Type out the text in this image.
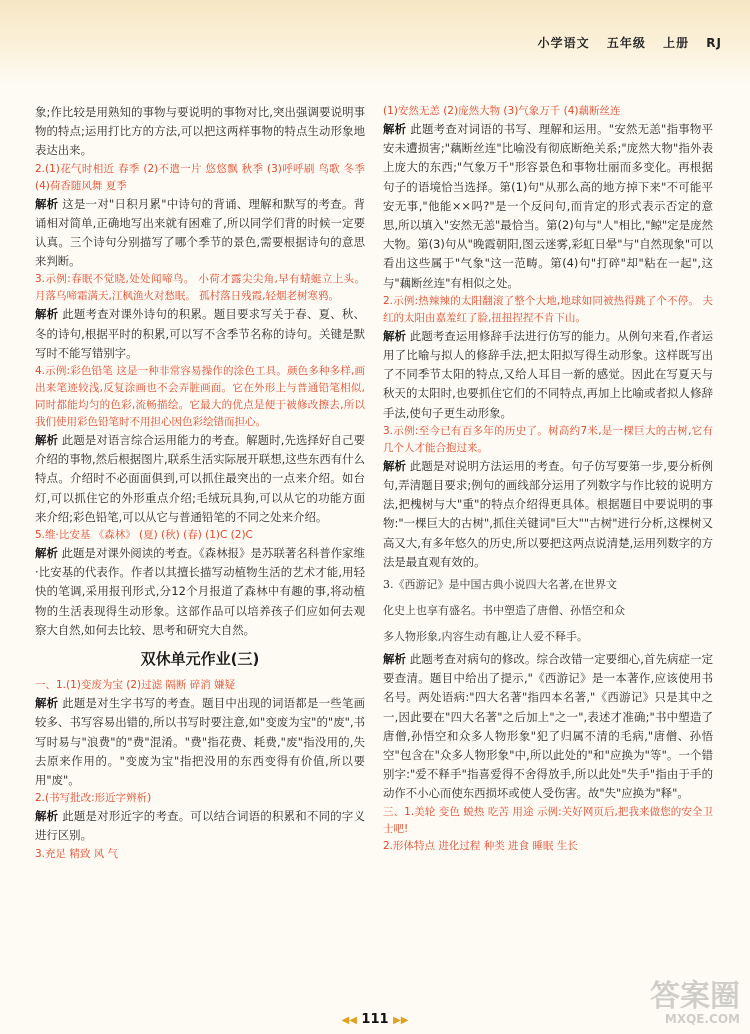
小学语文 五年级 上册 RJ

象;作比较是用熟知的事物与要说明的事物对比,突出强调要说明事物的特点;运用打比方的方法,可以把这两样事物的特点生动形象地表达出来。

2.(1)花气时相近 春季 (2)不遣一片 悠悠飘 秋季 (3)呼呼刷 鸟歌 冬季 (4)荷香随风舞 夏季

解析 这是一对"日积月累"中诗句的背诵、理解和默写的考查。背诵相对简单,正确地写出来就有困难了,所以同学们背的时候一定要认真。三个诗句分别描写了哪个季节的景色,需要根据诗句的意思来判断。

3.示例:春眠不觉晓,处处闻啼鸟。 小荷才露尖尖角,早有蜻蜓立上头。 月落乌啼霜满天,江枫渔火对愁眠。 孤村落日残霞,轻烟老树寒鸦。

解析 此题考查对课外诗句的积累。题目要求写关于春、夏、秋、冬的诗句,根据平时的积累,可以写不含季节名称的诗句。关键是默写时不能写错别字。

4.示例:彩色铅笔 这是一种非常容易操作的涂色工具。颜色多种多样,画出来笔迹较浅,反复涂画也不会弄脏画面。它在外形上与普通铅笔相似,同时都能均匀的色彩,流畅描绘。它最大的优点是便于被修改擦去,所以我们使用彩色铅笔时不用担心因色彩绘错而担心。

解析 此题是对语言综合运用能力的考查。解题时,先选择好自己要介绍的事物,然后根据图片,联系生活实际展开联想,这些东西有什么特点。介绍时不必面面俱到,可以抓住最突出的一点来介绍。如台灯,可以抓住它的外形重点介绍;毛绒玩具狗,可以从它的功能方面来介绍;彩色铅笔,可以从它与普通铅笔的不同之处来介绍。

5.维·比安基 《森林》 (夏) (秋) (春) (1)C (2)C

解析 此题是对课外阅读的考查。《森林报》是苏联著名科普作家维·比安基的代表作。作者以其擅长描写动植物生活的艺术才能,用轻快的笔调,采用报刊形式,分12个月报道了森林中有趣的事,将动植物的生活表现得生动形象。这部作品可以培养孩子们应如何去观察大自然,如何去比较、思考和研究大自然。

双休单元作业(三)

一、1.(1)变废为宝 (2)过滤 隔断 碎消 嫌疑

解析 此题是对生字书写的考查。题目中出现的词语都是一些笔画较多、书写容易出错的,所以书写时要注意,如"变废为宝"的"废",书写时易与"浪费"的"费"混淆。"费"指花费、耗费,"废"指没用的,失去原来作用的。"变废为宝"指把没用的东西变得有价值,所以要用"废"。

2.(书写批改:形近字辨析)

解析 此题是对形近字的考查。可以结合词语的积累和不同的字义进行区别。

3.充足 精致 风 气

(1)安然无恙 (2)庞然大物 (3)气象万千 (4)藕断丝连

解析 此题考查对词语的书写、理解和运用。"安然无恙"指事物平安未遭损害;"藕断丝连"比喻没有彻底断绝关系;"庞然大物"指外表上庞大的东西;"气象万千"形容景色和事物壮丽而多变化。再根据句子的语境恰当选择。第(1)句"从那么高的地方掉下来"不可能平安无事,"他能××吗?"是一个反问句,而肯定的形式表示否定的意思,所以填入"安然无恙"最恰当。第(2)句与"人"相比,"鲸"定是庞然大物。第(3)句从"晚霞朝阳,图云迷雾,彩虹日晕"与"自然现象"可以看出这些属于"气象"这一范畴。第(4)句"打碎"却"粘在一起",这与"藕断丝连"有相似之处。

2.示例:热辣辣的太阳翻滚了整个大地,地球如同被热得跳了个不停。 夫红的太阳由嘉羞红了脸,扭扭捏捏不肯下山。

解析 此题考查运用修辞手法进行仿写的能力。从例句来看,作者运用了比喻与拟人的修辞手法,把太阳拟写得生动形象。这样既写出了不同季节太阳的特点,又给人耳目一新的感觉。因此在写夏天与秋天的太阳时,也要抓住它们的不同特点,再加上比喻或者拟人修辞手法,使句子更生动形象。

3.示例:至今已有百多年的历史了。树高约7米,是一棵巨大的古树,它有几个人才能合抱过来。

解析 此题是对说明方法运用的考查。句子仿写要第一步,要分析例句,弄清题目要求;例句的画线部分运用了列数字与作比较的说明方法,把槐树与大"重"的特点介绍得更具体。根据题目中要说明的事物:"一棵巨大的古树",抓住关键词"巨大""古树"进行分析,这棵树又高又大,有多年悠久的历史,所以要把这两点说清楚,运用列数字的方法是最直观有效的。

3.《西游记》是中国古典小说四大名著,在世界文

化史上也享有盛名。书中塑造了唐僧、孙悟空和众

多人物形象,内容生动有趣,让人爱不释手。

解析 此题考查对病句的修改。综合改错一定要细心,首先病症一定要查清。题目中给出了提示,"《西游记》是一本著作,应该使用书名号。两处语病:"四大名著"指四本名著,"《西游记》只是其中之一,因此要在"四大名著"之后加上"之一",表述才准确;"书中塑造了唐僧,孙悟空和众多人物形象"犯了归属不清的毛病,"唐僧、孙悟空"包含在"众多人物形象"中,所以此处的"和"应换为"等"。一个错别字:"爱不释手"指喜爱得不舍得放手,所以此处"失手"指由于手的动作不小心而使东西损坏或使人受伤害。故"失"应换为"释"。

三、1.美轮 变色 蜕热 吃苦 用途 示例:关好网页后,把我来做您的安全卫士吧!

2.形体特点 进化过程 种类 进食 睡眠 生长

◀◀ 111 ▶▶
答案圈
MXQE.COM
